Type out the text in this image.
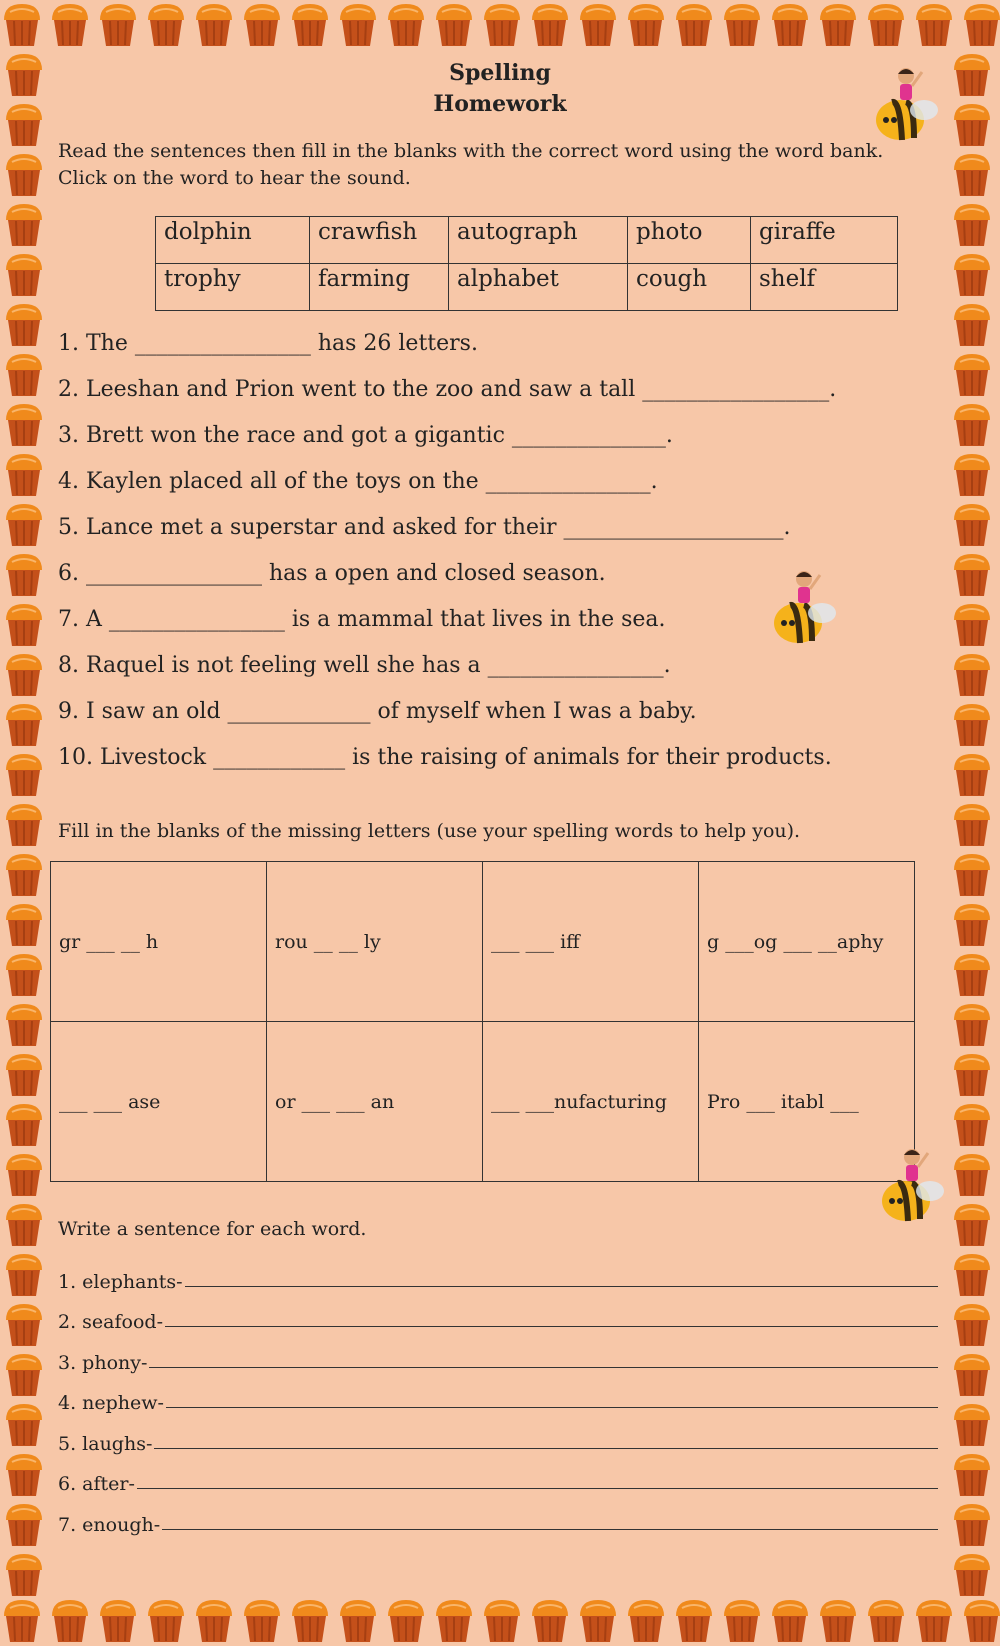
Spelling
Homework

Read the sentences then fill in the blanks with the correct word using the word bank. Click on the word to hear the sound.

dolphin	crawfish	autograph	photo	giraffe
trophy	farming	alphabet	cough	shelf
1. The ________________ has 26 letters.
2. Leeshan and Prion went to the zoo and saw a tall _________________.
3. Brett won the race and got a gigantic ______________.
4. Kaylen placed all of the toys on the _______________.
5. Lance met a superstar and asked for their ____________________.
6. ________________ has a open and closed season.
7. A ________________ is a mammal that lives in the sea.
8. Raquel is not feeling well she has a ________________.
9. I saw an old _____________ of myself when I was a baby.
10. Livestock ____________ is the raising of animals for their products.

Fill in the blanks of the missing letters (use your spelling words to help you).

gr ___ __ h	rou __ __ ly	___ ___ iff	g ___og ___ __aphy
___ ___ ase	or ___ ___ an	___ ___nufacturing	Pro ___ itabl ___

Write a sentence for each word.

1. elephants-
2. seafood-
3. phony-
4. nephew-
5. laughs-
6. after-
7. enough-
